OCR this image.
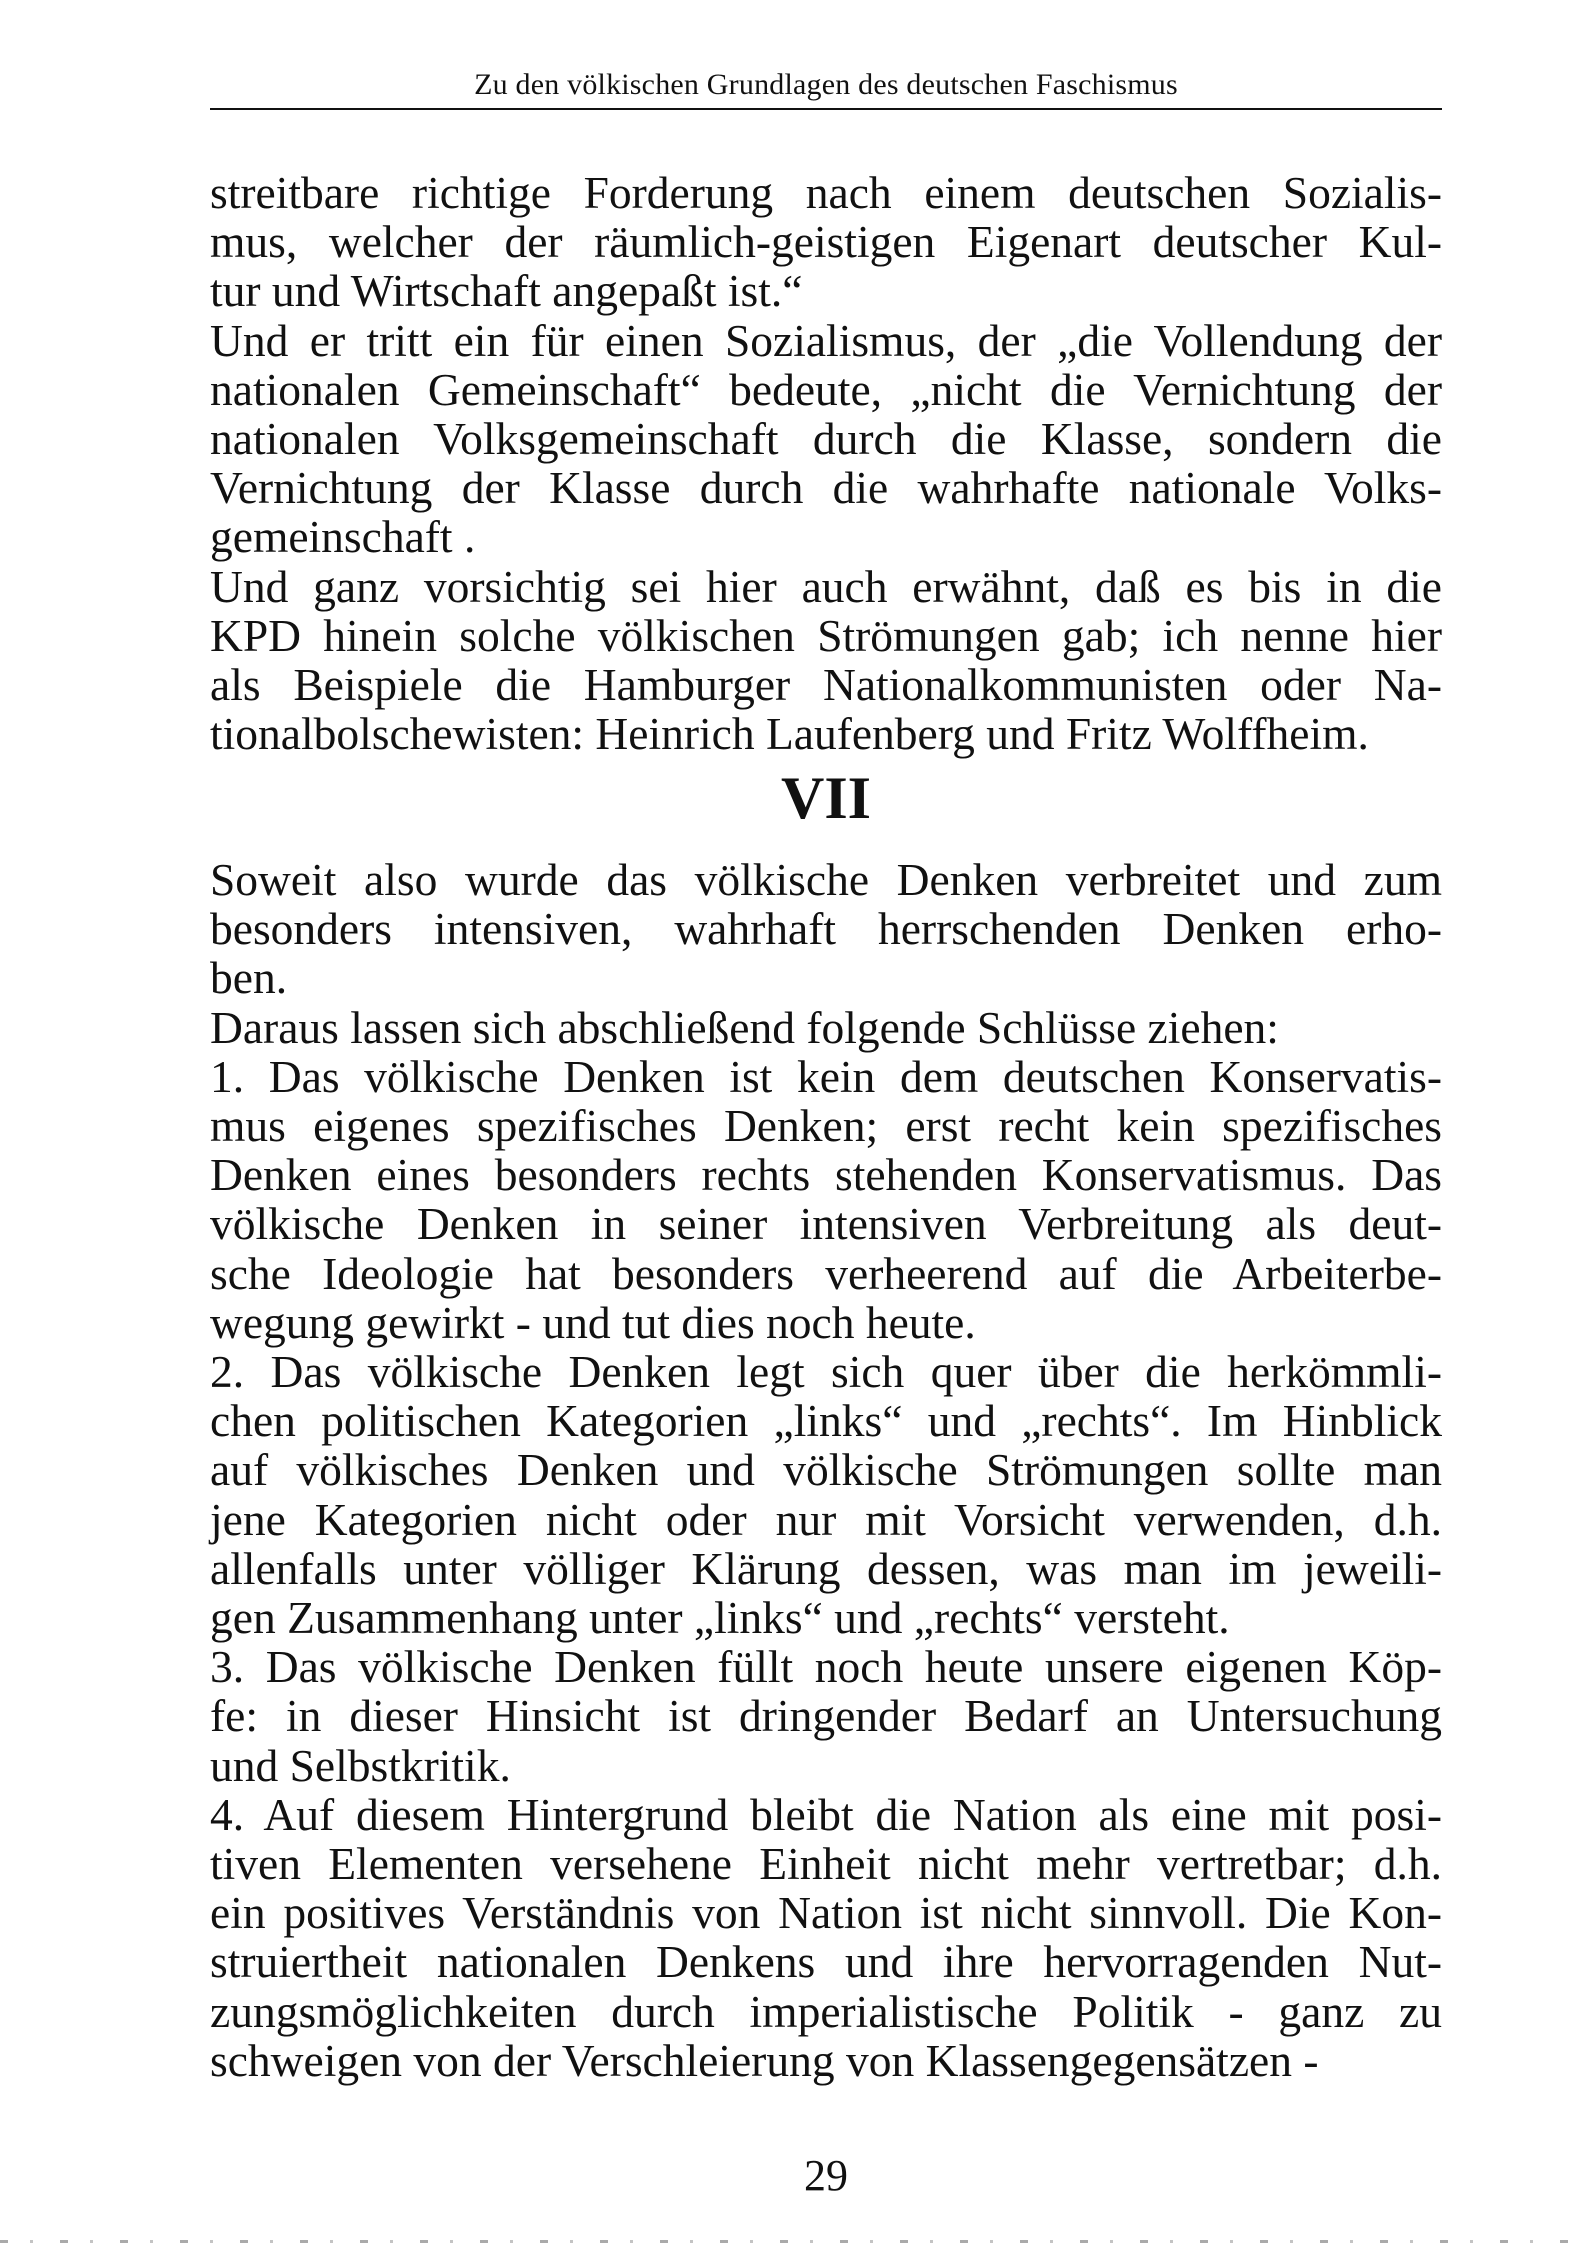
Zu den völkischen Grundlagen des deutschen Faschismus
streitbare richtige Forderung nach einem deutschen Sozialis-
mus, welcher der räumlich-geistigen Eigenart deutscher Kul-
tur und Wirtschaft angepaßt ist.“
Und er tritt ein für einen Sozialismus, der „die Vollendung der
nationalen Gemeinschaft“ bedeute, „nicht die Vernichtung der
nationalen Volksgemeinschaft durch die Klasse, sondern die
Vernichtung der Klasse durch die wahrhafte nationale Volks-
gemeinschaft .
Und ganz vorsichtig sei hier auch erwähnt, daß es bis in die
KPD hinein solche völkischen Strömungen gab; ich nenne hier
als Beispiele die Hamburger Nationalkommunisten oder Na-
tionalbolschewisten: Heinrich Laufenberg und Fritz Wolffheim.
VII
Soweit also wurde das völkische Denken verbreitet und zum
besonders intensiven, wahrhaft herrschenden Denken erho-
ben.
Daraus lassen sich abschließend folgende Schlüsse ziehen:
1. Das völkische Denken ist kein dem deutschen Konservatis-
mus eigenes spezifisches Denken; erst recht kein spezifisches
Denken eines besonders rechts stehenden Konservatismus. Das
völkische Denken in seiner intensiven Verbreitung als deut-
sche Ideologie hat besonders verheerend auf die Arbeiterbe-
wegung gewirkt - und tut dies noch heute.
2. Das völkische Denken legt sich quer über die herkömmli-
chen politischen Kategorien „links“ und „rechts“. Im Hinblick
auf völkisches Denken und völkische Strömungen sollte man
jene Kategorien nicht oder nur mit Vorsicht verwenden, d.h.
allenfalls unter völliger Klärung dessen, was man im jeweili-
gen Zusammenhang unter „links“ und „rechts“ versteht.
3. Das völkische Denken füllt noch heute unsere eigenen Köp-
fe: in dieser Hinsicht ist dringender Bedarf an Untersuchung
und Selbstkritik.
4. Auf diesem Hintergrund bleibt die Nation als eine mit posi-
tiven Elementen versehene Einheit nicht mehr vertretbar; d.h.
ein positives Verständnis von Nation ist nicht sinnvoll. Die Kon-
struiertheit nationalen Denkens und ihre hervorragenden Nut-
zungsmöglichkeiten durch imperialistische Politik - ganz zu
schweigen von der Verschleierung von Klassengegensätzen -
29
